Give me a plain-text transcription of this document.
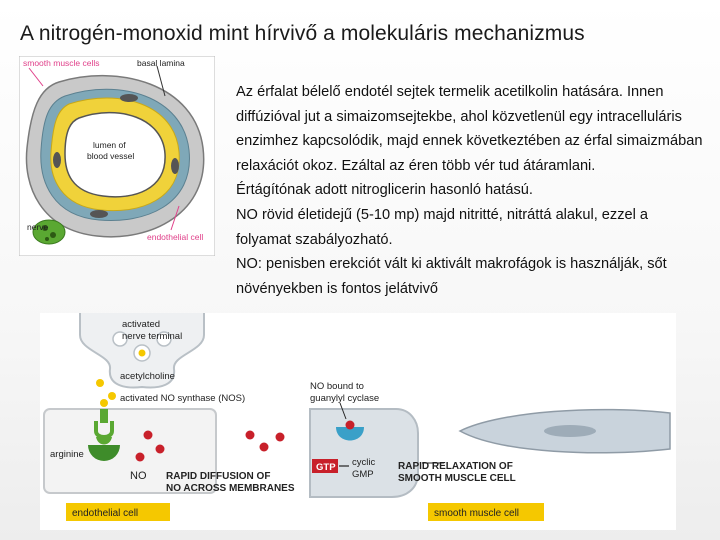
A nitrogén-monoxid mint hírvivő a molekuláris mechanizmus
smooth muscle cells	basal lamina
lumen of
blood vessel
nerve
endothelial cell

Az érfalat bélelő endotél sejtek termelik acetilkolin hatására. Innen diffúzióval jut a simaizomsejtekbe, ahol közvetlenül egy intracelluláris enzimhez kapcsolódik, majd ennek következtében az érfal simaizmában relaxációt okoz. Ezáltal az éren több vér tud átáramlani.

Értágítónak adott nitroglicerin hasonló hatású.

NO rövid életidejű (5-10 mp) majd nitritté, nitráttá alakul, ezzel a folyamat szabályozható.

NO: penisben erekciót vált ki aktivált makrofágok is használják, sőt növényekben is fontos jelátvivő

activated
nerve terminal
acetylcholine
activated NO synthase (NOS)
arginine
NO RAPID DIFFUSION OF
NO ACROSS MEMBRANES
GTP cyclic
GMP
NO bound to
guanylyl cyclase
RAPID RELAXATION OF
SMOOTH MUSCLE CELL
endothelial cell	smooth muscle cell
